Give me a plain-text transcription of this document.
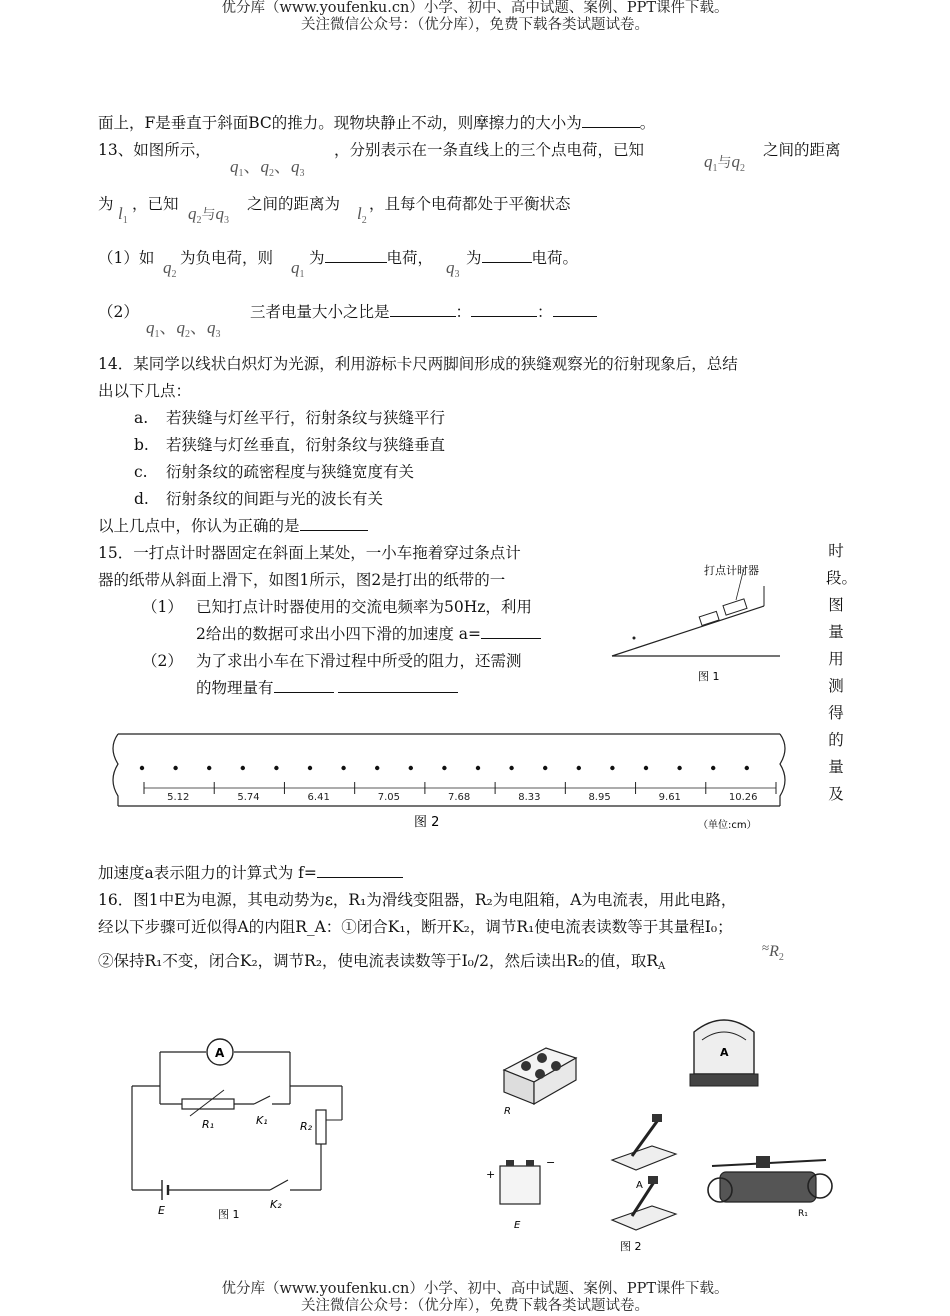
优分库（www.youfenku.cn）小学、初中、高中试题、案例、PPT课件下载。
关注微信公众号：（优分库），免费下载各类试题试卷。
面上，F是垂直于斜面BC的推力。现物块静止不动，则摩擦力的大小为	。
13、如图所示，
$q_1$、$q_2$、$q_3$
，分别表示在一条直线上的三个点电荷，已知
$q_1$与$q_2$
之间的距离
为 $l_1$
，已知 $q_2$与$q_3$
之间的距离为 $l_2$
，且每个电荷都处于平衡状态
（1）如 $q_2$
为负电荷，则 $q_1$
为	电荷， $q_3$
为	电荷。
（2）
$q_1$、$q_2$、$q_3$
三者电量大小之比是	：	：
14．某同学以线状白炽灯为光源，利用游标卡尺两脚间形成的狭缝观察光的衍射现象后，总结
出以下几点：
a. 若狭缝与灯丝平行，衍射条纹与狭缝平行
b. 若狭缝与灯丝垂直，衍射条纹与狭缝垂直
c. 衍射条纹的疏密程度与狭缝宽度有关
d. 衍射条纹的间距与光的波长有关
以上几点中，你认为正确的是
15．一打点计时器固定在斜面上某处，一小车拖着穿过条点计
器的纸带从斜面上滑下，如图1所示，图2是打出的纸带的一
（1） 已知打点计时器使用的交流电频率为50Hz，利用
2给出的数据可求出小四下滑的加速度 a=
（2） 为了求出小车在下滑过程中所受的阻力，还需测
的物理量有
时
段。
图
量
用
测
得
的
量
及
打点计时器
图 1
5.12	5.74	6.41	7.05	7.68	8.33	8.95	9.61	10.26
图 2	（单位:cm）
加速度a表示阻力的计算式为 f=
16．图1中E为电源，其电动势为ε，R₁为滑线变阻器，R₂为电阻箱，A为电流表，用此电路，
经以下步骤可近似得A的内阻R_A：①闭合K₁，断开K₂，调节R₁使电流表读数等于其量程I₀；
②保持R₁不变，闭合K₂，调节R₂，使电流表读数等于I₀/2，然后读出R₂的值，取RA
$^\approx R_2$
A
R₁	K₁	R₂
E	K₂
图 1
R
A
A
+
−
E
图 2
R₁
优分库（www.youfenku.cn）小学、初中、高中试题、案例、PPT课件下载。
关注微信公众号：（优分库），免费下载各类试题试卷。
